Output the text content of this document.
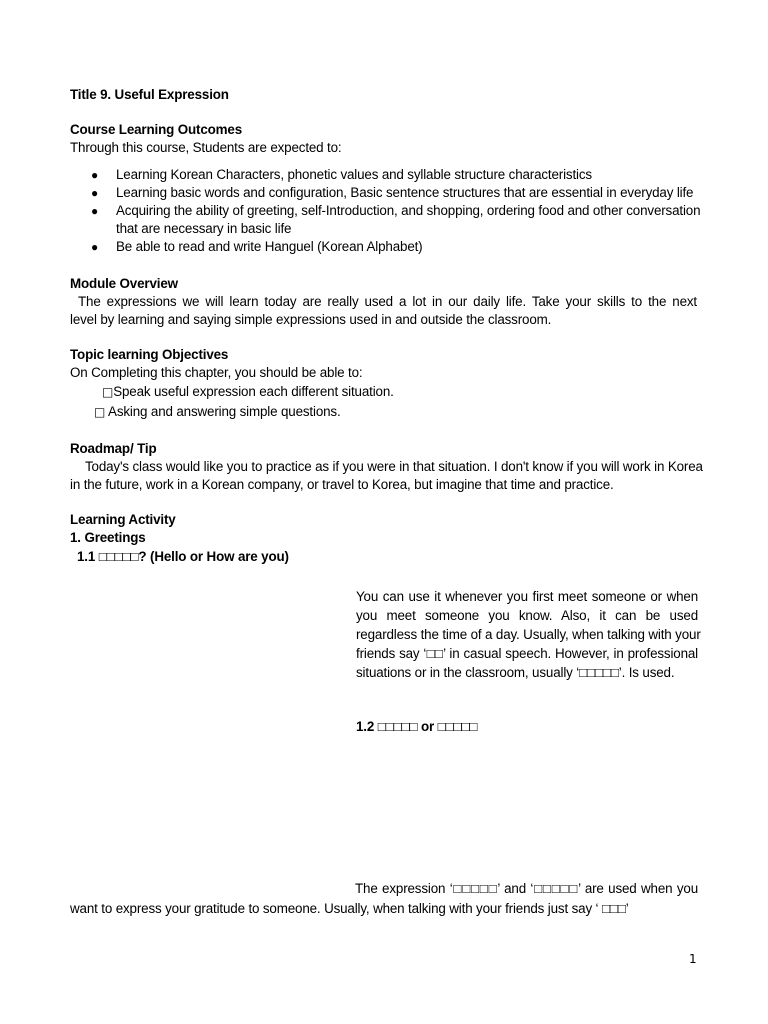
Title 9. Useful Expression
Course Learning Outcomes
Through this course, Students are expected to:
● Learning Korean Characters, phonetic values and syllable structure characteristics
● Learning basic words and configuration, Basic sentence structures that are essential in everyday life
● Acquiring the ability of greeting, self-Introduction, and shopping, ordering food and other conversation
that are necessary in basic life
● Be able to read and write Hanguel (Korean Alphabet)
Module Overview
The expressions we will learn today are really used a lot in our daily life. Take your skills to the next
level by learning and saying simple expressions used in and outside the classroom.
Topic learning Objectives
On Completing this chapter, you should be able to:
□Speak useful expression each different situation.
□ Asking and answering simple questions.
Roadmap/ Tip
Today's class would like you to practice as if you were in that situation. I don't know if you will work in Korea
in the future, work in a Korean company, or travel to Korea, but imagine that time and practice.
Learning Activity
1. Greetings
1.1 □□□□□? (Hello or How are you)
You can use it whenever you first meet someone or when
you meet someone you know. Also, it can be used
regardless the time of a day. Usually, when talking with your
friends say ‘□□’ in casual speech. However, in professional
situations or in the classroom, usually ‘□□□□□’. Is used.
1.2 □□□□□ or □□□□□
The expression ‘□□□□□’ and ‘□□□□□’ are used when you
want to express your gratitude to someone. Usually, when talking with your friends just say ‘ □□□’
1
